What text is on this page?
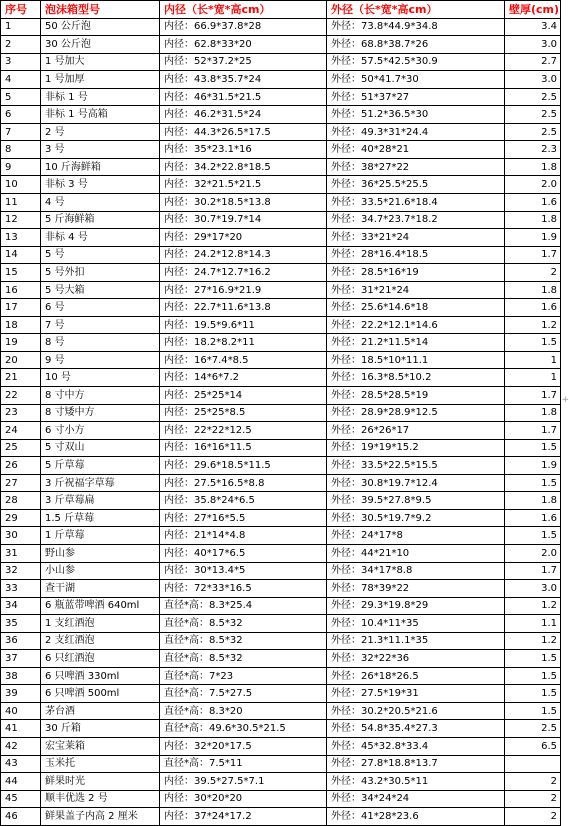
序号	泡沫箱型号	内径（长*宽*高cm）	外径（长*宽*高cm）	壁厚(cm)	
1	50 公斤泡	内径：66.9*37.8*28	外径：73.8*44.9*34.8	3.4	
2	30 公斤泡	内径：62.8*33*20	外径：68.8*38.7*26	3.0	
3	1 号加大	内径：52*37.2*25	外径：57.5*42.5*30.9	2.7	
4	1 号加厚	内径：43.8*35.7*24	外径：50*41.7*30	3.0	
5	非标 1 号	内径：46*31.5*21.5	外径：51*37*27	2.5	
6	非标 1 号高箱	内径：46.2*31.5*24	外径：51.2*36.5*30	2.5	
7	2 号	内径：44.3*26.5*17.5	外径：49.3*31*24.4	2.5	
8	3 号	内径：35*23.1*16	外径：40*28*21	2.3	
9	10 斤海鲜箱	内径：34.2*22.8*18.5	外径：38*27*22	1.8	
10	非标 3 号	内径：32*21.5*21.5	外径：36*25.5*25.5	2.0	
11	4 号	内径：30.2*18.5*13.8	外径：33.5*21.6*18.4	1.6	
12	5 斤海鲜箱	内径：30.7*19.7*14	外径：34.7*23.7*18.2	1.8	
13	非标 4 号	内径：29*17*20	外径：33*21*24	1.9	
14	5 号	内径：24.2*12.8*14.3	外径：28*16.4*18.5	1.7	
15	5 号外扣	内径：24.7*12.7*16.2	外径：28.5*16*19	2	
16	5 号大箱	内径：27*16.9*21.9	外径：31*21*24	1.8	
17	6 号	内径：22.7*11.6*13.8	外径：25.6*14.6*18	1.6	
18	7 号	内径：19.5*9.6*11	外径：22.2*12.1*14.6	1.2	
19	8 号	内径：18.2*8.2*11	外径：21.2*11.5*14	1.5	
20	9 号	内径：16*7.4*8.5	外径：18.5*10*11.1	1	
21	10 号	内径：14*6*7.2	外径：16.3*8.5*10.2	1	
22	8 寸中方	内径：25*25*14	外径：28.5*28.5*19	1.7	
23	8 寸矮中方	内径：25*25*8.5	外径：28.9*28.9*12.5	1.8	
24	6 寸小方	内径：22*22*12.5	外径：26*26*17	1.7	
25	5 寸双山	内径：16*16*11.5	外径：19*19*15.2	1.5	
26	5 斤草莓	内径：29.6*18.5*11.5	外径：33.5*22.5*15.5	1.9	
27	3 斤祝福字草莓	内径：27.5*16.5*8.8	外径：30.8*19.7*12.4	1.5	
28	3 斤草莓扁	内径：35.8*24*6.5	外径：39.5*27.8*9.5	1.8	
29	1.5 斤草莓	内径：27*16*5.5	外径：30.5*19.7*9.2	1.6	
30	1 斤草莓	内径：21*14*4.8	外径：24*17*8	1.5	
31	野山参	内径：40*17*6.5	外径：44*21*10	2.0	
32	小山参	内径：30*13.4*5	外径：34*17*8.8	1.7	
33	查干湖	内径：72*33*16.5	外径：78*39*22	3.0	
34	6 瓶蓝带啤酒 640ml	直径*高：8.3*25.4	外径：29.3*19.8*29	1.2	
35	1 支红酒泡	直径*高：8.5*32	外径：10.4*11*35	1.1	
36	2 支红酒泡	直径*高：8.5*32	外径：21.3*11.1*35	1.2	
37	6 只红酒泡	直径*高：8.5*32	外径：32*22*36	1.5	
38	6 只啤酒 330ml	直径*高：7*23	外径：26*18*26.5	1.5	
39	6 只啤酒 500ml	直径*高：7.5*27.5	外径：27.5*19*31	1.5	
40	茅台酒	直径*高：8.3*20	外径：30.2*20.5*21.6	1.5	
41	30 斤箱	直径*高：49.6*30.5*21.5	外径：54.8*35.4*27.3	2.5	
42	宏宝莱箱	内径：32*20*17.5	外径：45*32.8*33.4	6.5	
43	玉米托	直径*高：7.5*11	外径：27.8*18.8*13.7		
44	鲜果时光	内径：39.5*27.5*7.1	外径：43.2*30.5*11	2	
45	顺丰优选 2 号	内径：30*20*20	外径：34*24*24	2	
46	鲜果盖子内高 2 厘米	内径：37*24*17.2	外径：41*28*23.6	2	
+
